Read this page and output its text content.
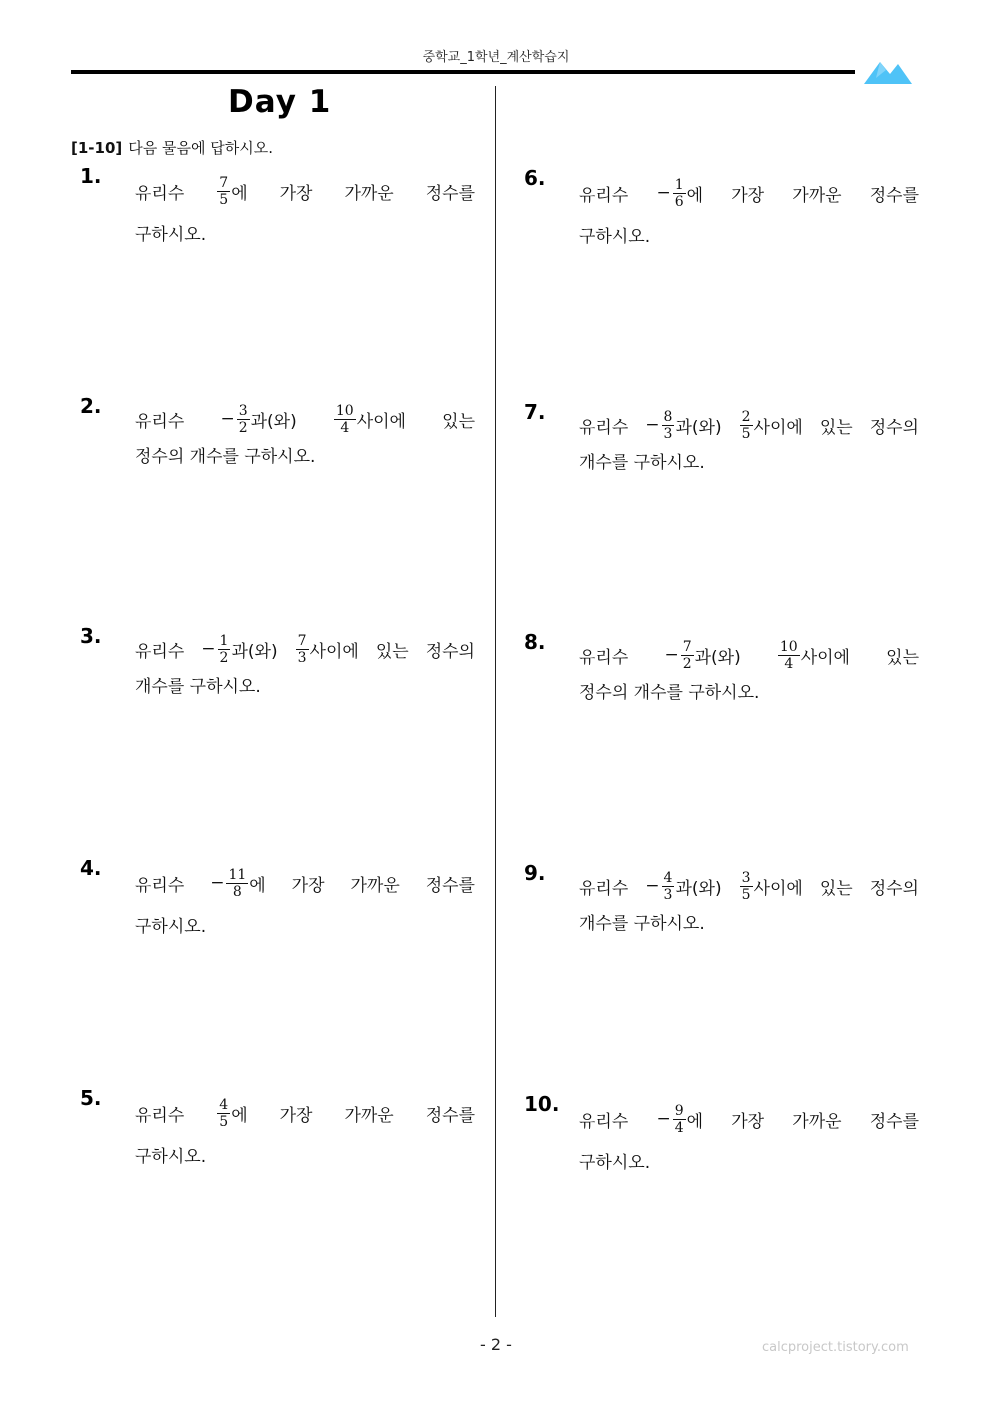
중학교_1학년_계산학습지
Day 1
[1-10] 다음 물음에 답하시오.
1.
유리수 $\frac{7}{5}$ 에 가장 가까운 정수를
구하시오.
2.
유리수 − $\frac{3}{2}$ 과(와)	$\frac{10}{4}$ 사이에 있는
정수의 개수를 구하시오.
3.
유리수 − $\frac{1}{2}$ 과(와) $\frac{7}{3}$ 사이에 있는 정수의
개수를 구하시오.
4.
유리수 − $\frac{11}{8}$ 에 가장 가까운 정수를
구하시오.
5.
유리수 $\frac{4}{5}$ 에 가장 가까운 정수를
구하시오.
6.
유리수 − $\frac{1}{6}$ 에 가장 가까운 정수를
구하시오.
7.
유리수 − $\frac{8}{3}$ 과(와) $\frac{2}{5}$ 사이에 있는 정수의
개수를 구하시오.
8.
유리수 − $\frac{7}{2}$ 과(와)	$\frac{10}{4}$ 사이에 있는
정수의 개수를 구하시오.
9.
유리수 − $\frac{4}{3}$ 과(와) $\frac{3}{5}$ 사이에 있는 정수의
개수를 구하시오.
10.
유리수 − $\frac{9}{4}$ 에 가장 가까운 정수를
구하시오.
- 2 -	calcproject.tistory.com
